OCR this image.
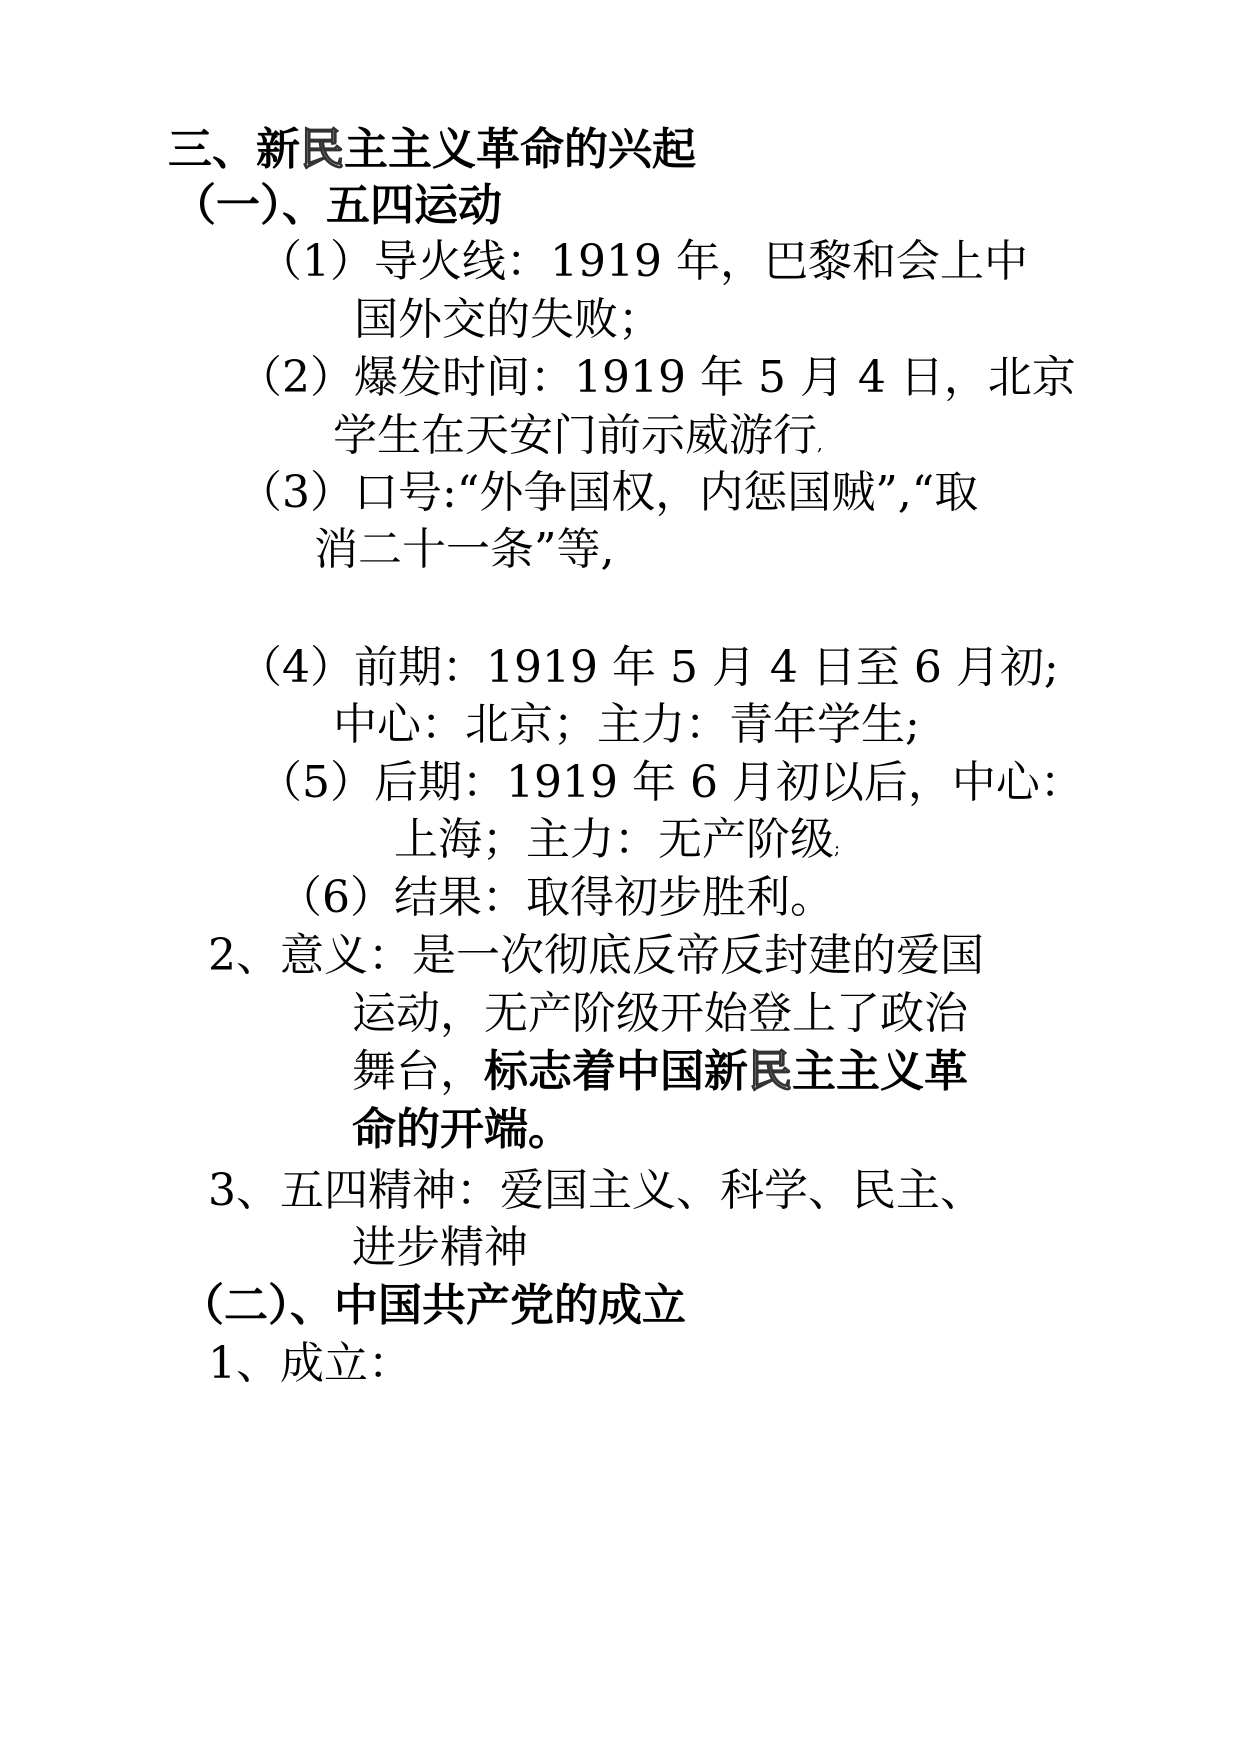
三、新民主主义革命的兴起
（一）、五四运动
（1）导火线：1919 年，巴黎和会上中
国外交的失败；
（2）爆发时间：1919 年 5 月 4 日，北京
学生在天安门前示威游行,
（3）口号:“外争国权，内惩国贼”,“取
消二十一条”等,
（4）前期：1919 年 5 月 4 日至 6 月初;
中心：北京；主力：青年学生;
（5）后期：1919 年 6 月初以后，中心：
上海；主力：无产阶级;
（6）结果：取得初步胜利。
2、意义：是一次彻底反帝反封建的爱国
运动，无产阶级开始登上了政治
舞台，标志着中国新民主主义革
命的开端。
3、五四精神：爱国主义、科学、民主、
进步精神
（二）、中国共产党的成立
1、成立：
